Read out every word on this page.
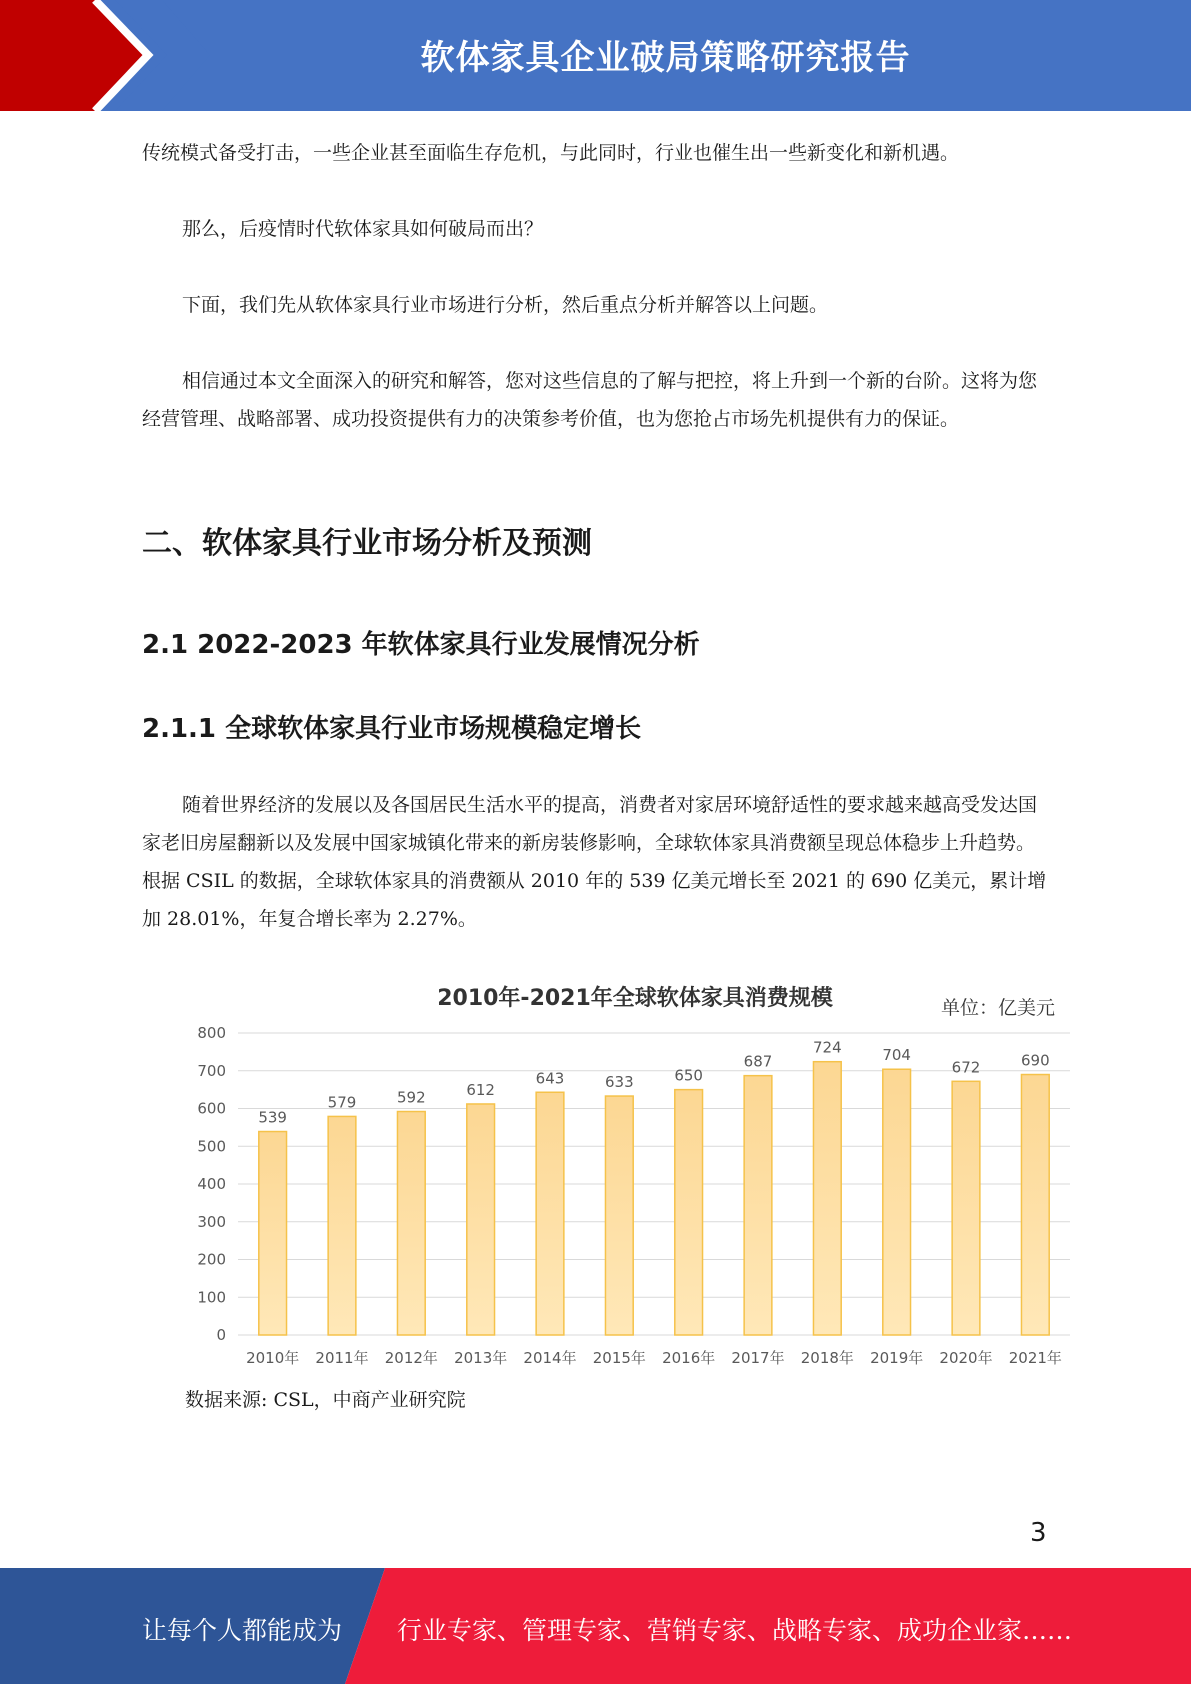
软体家具企业破局策略研究报告

传统模式备受打击，一些企业甚至面临生存危机，与此同时，行业也催生出一些新变化和新机遇。

那么，后疫情时代软体家具如何破局而出？

下面，我们先从软体家具行业市场进行分析，然后重点分析并解答以上问题。

相信通过本文全面深入的研究和解答，您对这些信息的了解与把控，将上升到一个新的台阶。这将为您经营管理、战略部署、成功投资提供有力的决策参考价值，也为您抢占市场先机提供有力的保证。

二、软体家具行业市场分析及预测
2.1 2022-2023 年软体家具行业发展情况分析
2.1.1 全球软体家具行业市场规模稳定增长

随着世界经济的发展以及各国居民生活水平的提高，消费者对家居环境舒适性的要求越来越高受发达国家老旧房屋翻新以及发展中国家城镇化带来的新房装修影响，全球软体家具消费额呈现总体稳步上升趋势。根据 CSIL 的数据，全球软体家具的消费额从 2010 年的 539 亿美元增长至 2021 的 690 亿美元，累计增加 28.01%，年复合增长率为 2.27%。

2010年-2021年全球软体家具消费规模	单位：亿美元
0
100
200
300
400
500
600
700
800
539
2010年
579
2011年
592
2012年
612
2013年
643
2014年
633
2015年
650
2016年
687
2017年
724
2018年
704
2019年
672
2020年
690
2021年

数据来源: CSL，中商产业研究院

3
让每个人都能成为 行业专家、管理专家、营销专家、战略专家、成功企业家……
